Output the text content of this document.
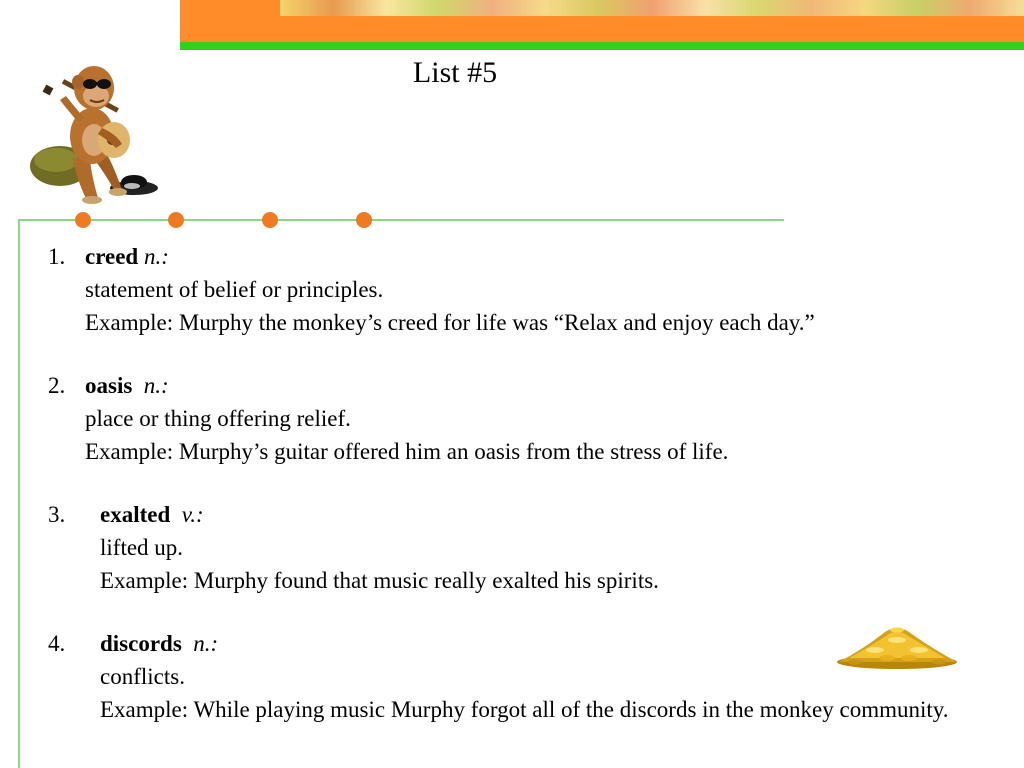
List #5
1. creed n.:
statement of belief or principles.
Example: Murphy the monkey’s creed for life was “Relax and enjoy each day.”
2. oasis n.:
place or thing offering relief.
Example: Murphy’s guitar offered him an oasis from the stress of life.
3. exalted v.:
lifted up.
Example: Murphy found that music really exalted his spirits.
4. discords n.:
conflicts.
Example: While playing music Murphy forgot all of the discords in the monkey community.
